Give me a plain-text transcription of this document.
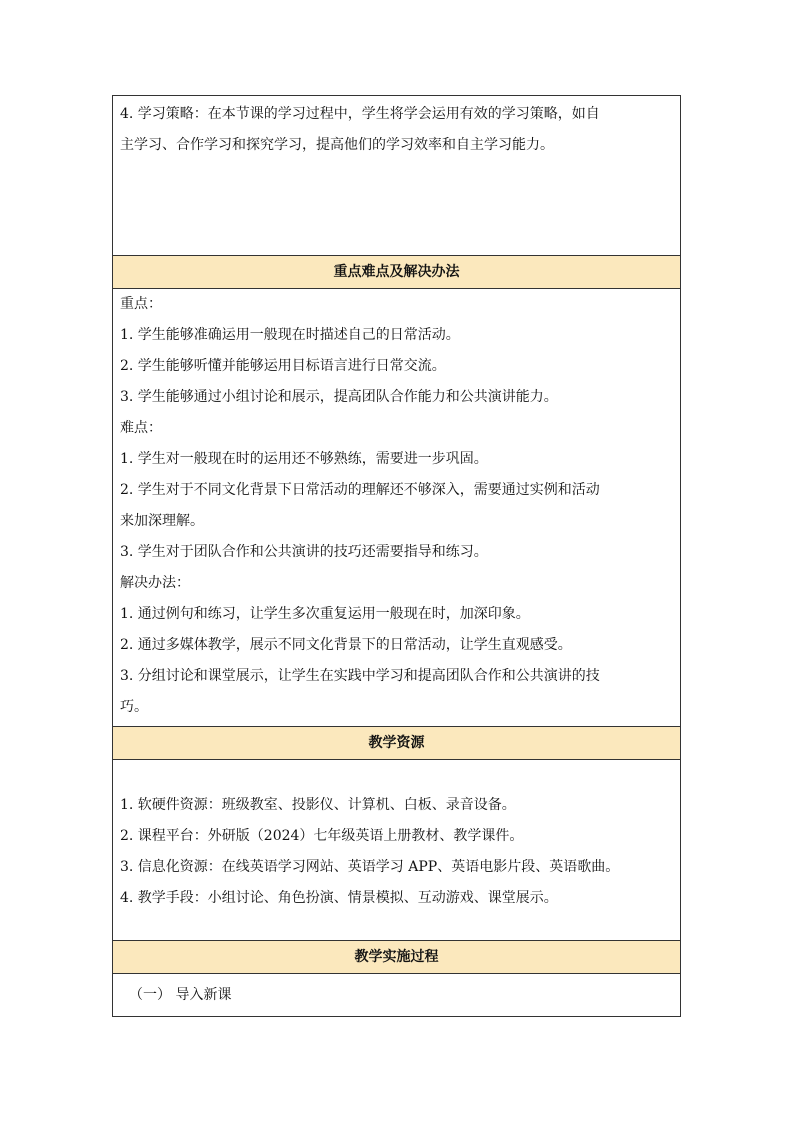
4. 学习策略：在本节课的学习过程中，学生将学会运用有效的学习策略，如自
主学习、合作学习和探究学习，提高他们的学习效率和自主学习能力。
重点难点及解决办法
重点：
1. 学生能够准确运用一般现在时描述自己的日常活动。
2. 学生能够听懂并能够运用目标语言进行日常交流。
3. 学生能够通过小组讨论和展示，提高团队合作能力和公共演讲能力。
难点：
1. 学生对一般现在时的运用还不够熟练，需要进一步巩固。
2. 学生对于不同文化背景下日常活动的理解还不够深入，需要通过实例和活动
来加深理解。
3. 学生对于团队合作和公共演讲的技巧还需要指导和练习。
解决办法：
1. 通过例句和练习，让学生多次重复运用一般现在时，加深印象。
2. 通过多媒体教学，展示不同文化背景下的日常活动，让学生直观感受。
3. 分组讨论和课堂展示，让学生在实践中学习和提高团队合作和公共演讲的技
巧。
教学资源
1. 软硬件资源：班级教室、投影仪、计算机、白板、录音设备。
2. 课程平台：外研版（2024）七年级英语上册教材、教学课件。
3. 信息化资源：在线英语学习网站、英语学习 APP、英语电影片段、英语歌曲。
4. 教学手段：小组讨论、角色扮演、情景模拟、互动游戏、课堂展示。
教学实施过程
（一） 导入新课
